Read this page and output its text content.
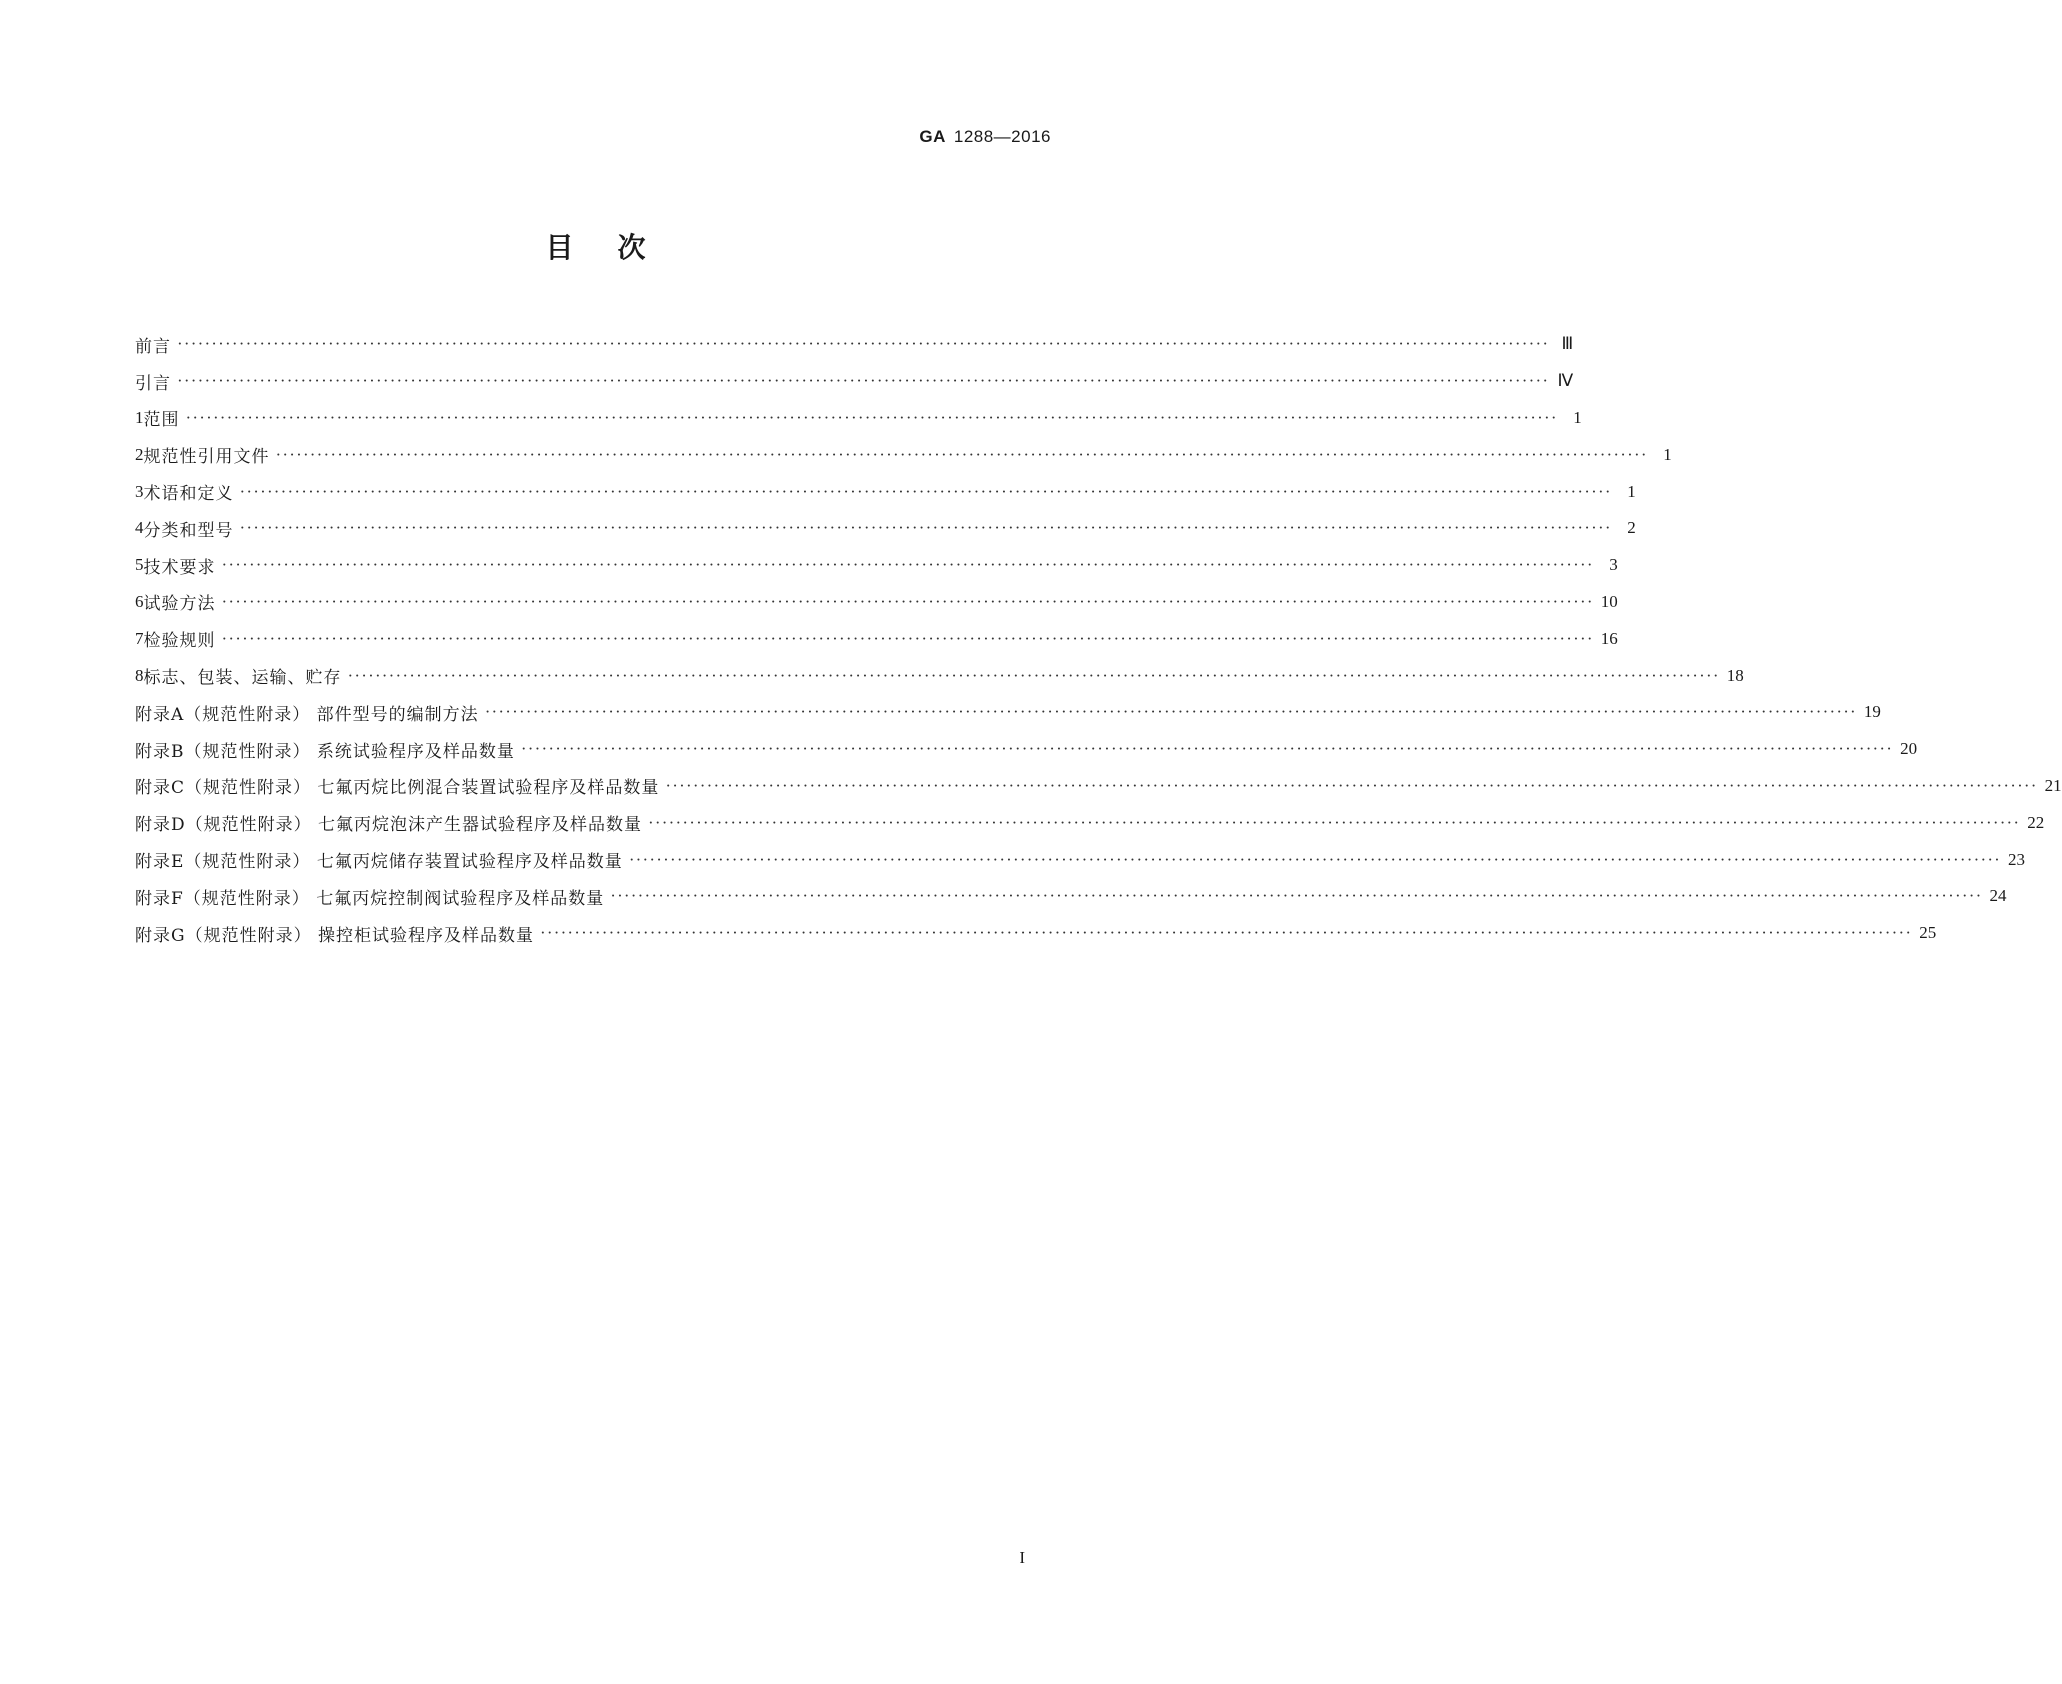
GA 1288—2016
目次
前言 ········································································································································································································ Ⅲ
引言 ········································································································································································································ Ⅳ
1 范围 ········································································································································································································ 1
2 规范性引用文件 ········································································································································································································ 1
3 术语和定义 ········································································································································································································ 1
4 分类和型号 ········································································································································································································ 2
5 技术要求 ········································································································································································································ 3
6 试验方法 ········································································································································································································ 10
7 检验规则 ········································································································································································································ 16
8 标志、包装、运输、贮存 ········································································································································································································ 18
附录A（规范性附录） 部件型号的编制方法 ········································································································································································································ 19
附录B（规范性附录） 系统试验程序及样品数量 ········································································································································································································ 20
附录C（规范性附录） 七氟丙烷比例混合装置试验程序及样品数量 ········································································································································································································ 21
附录D（规范性附录） 七氟丙烷泡沫产生器试验程序及样品数量 ········································································································································································································ 22
附录E（规范性附录） 七氟丙烷储存装置试验程序及样品数量 ········································································································································································································ 23
附录F（规范性附录） 七氟丙烷控制阀试验程序及样品数量 ········································································································································································································ 24
附录G（规范性附录） 操控柜试验程序及样品数量 ········································································································································································································ 25
I
